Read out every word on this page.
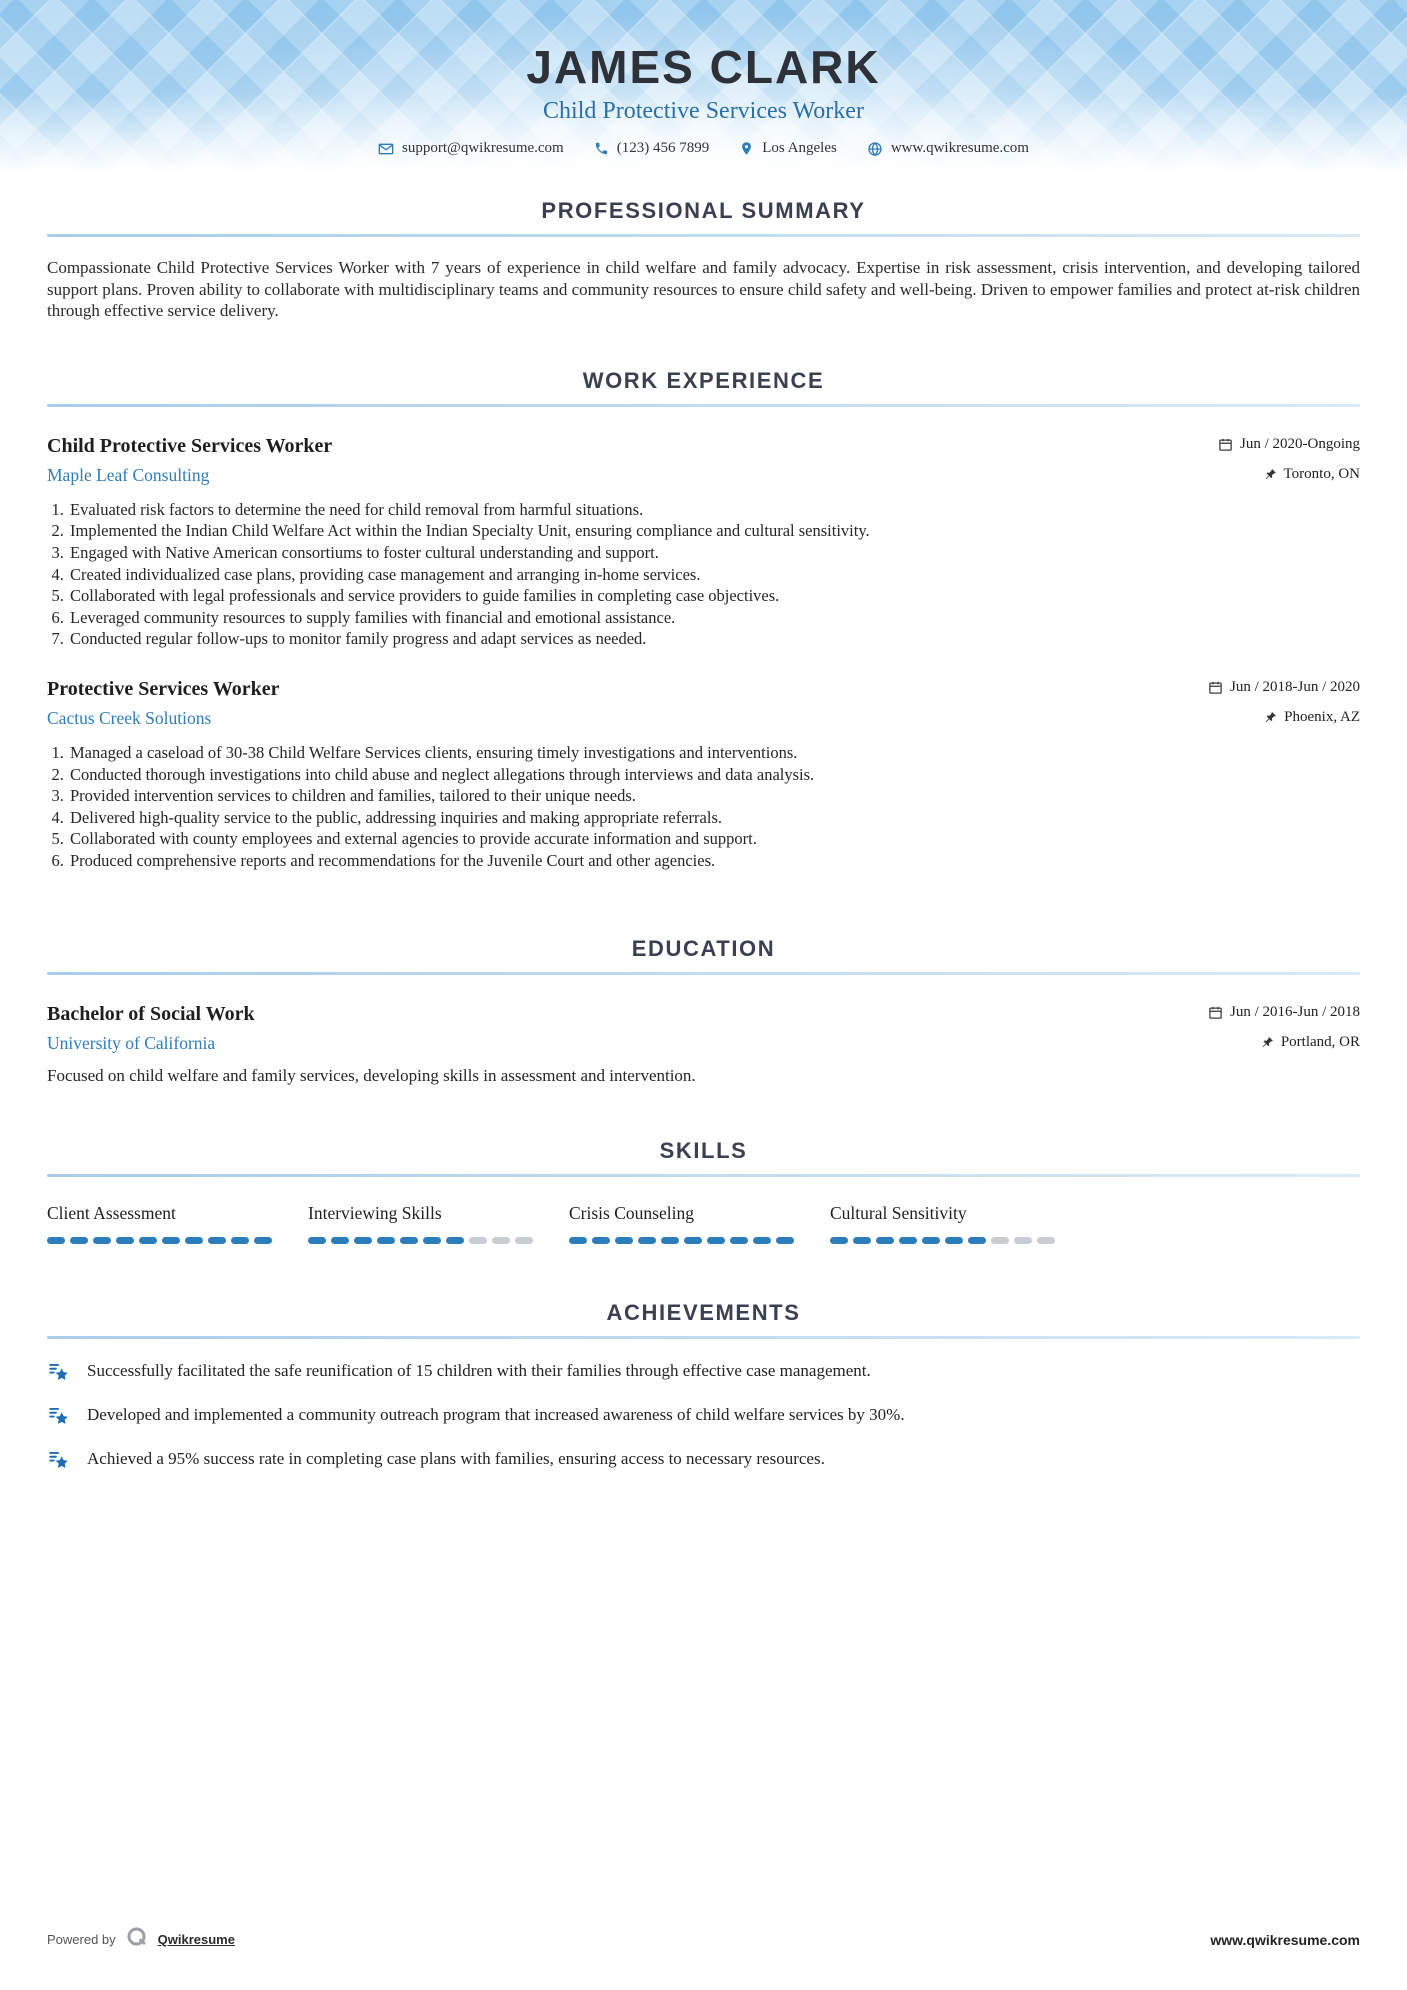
JAMES CLARK
Child Protective Services Worker
support@qwikresume.com	(123) 456 7899	Los Angeles	www.qwikresume.com
PROFESSIONAL SUMMARY

Compassionate Child Protective Services Worker with 7 years of experience in child welfare and family advocacy. Expertise in risk assessment, crisis intervention, and developing tailored support plans. Proven ability to collaborate with multidisciplinary teams and community resources to ensure child safety and well-being. Driven to empower families and protect at-risk children through effective service delivery.

WORK EXPERIENCE
Child Protective Services Worker	Jun / 2020-Ongoing
Maple Leaf Consulting	Toronto, ON
1. Evaluated risk factors to determine the need for child removal from harmful situations.
2. Implemented the Indian Child Welfare Act within the Indian Specialty Unit, ensuring compliance and cultural sensitivity.
3. Engaged with Native American consortiums to foster cultural understanding and support.
4. Created individualized case plans, providing case management and arranging in-home services.
5. Collaborated with legal professionals and service providers to guide families in completing case objectives.
6. Leveraged community resources to supply families with financial and emotional assistance.
7. Conducted regular follow-ups to monitor family progress and adapt services as needed.
Protective Services Worker	Jun / 2018-Jun / 2020
Cactus Creek Solutions	Phoenix, AZ
1. Managed a caseload of 30-38 Child Welfare Services clients, ensuring timely investigations and interventions.
2. Conducted thorough investigations into child abuse and neglect allegations through interviews and data analysis.
3. Provided intervention services to children and families, tailored to their unique needs.
4. Delivered high-quality service to the public, addressing inquiries and making appropriate referrals.
5. Collaborated with county employees and external agencies to provide accurate information and support.
6. Produced comprehensive reports and recommendations for the Juvenile Court and other agencies.
EDUCATION
Bachelor of Social Work	Jun / 2016-Jun / 2018
University of California	Portland, OR

Focused on child welfare and family services, developing skills in assessment and intervention.

SKILLS
Client Assessment	Interviewing Skills	Crisis Counseling	Cultural Sensitivity
ACHIEVEMENTS
Successfully facilitated the safe reunification of 15 children with their families through effective case management.
Developed and implemented a community outreach program that increased awareness of child welfare services by 30%.
Achieved a 95% success rate in completing case plans with families, ensuring access to necessary resources.
Powered by	Qwikresume	www.qwikresume.com
